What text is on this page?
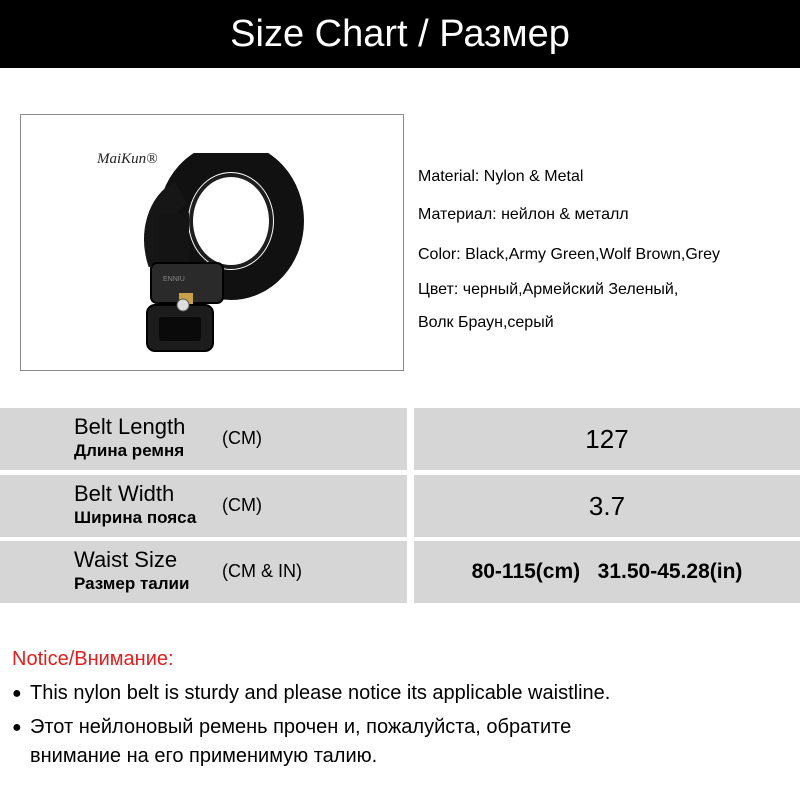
Size Chart / Размер
MaiKun®
ENNIU
Material: Nylon & Metal
Материал: нейлон & металл
Color: Black,Army Green,Wolf Brown,Grey
Цвет: черный,Армейский Зеленый,
Волк Браун,серый
Belt Length
Длина ремня
(CM)	127
Belt Width
Ширина пояса
(CM)	3.7
Waist Size
Размер талии
(CM & IN)	80-115(cm)   31.50-45.28(in)
Notice/Внимание:
● This nylon belt is sturdy and please notice its applicable waistline.
● Этот нейлоновый ремень прочен и, пожалуйста, обратите
внимание на его применимую талию.
